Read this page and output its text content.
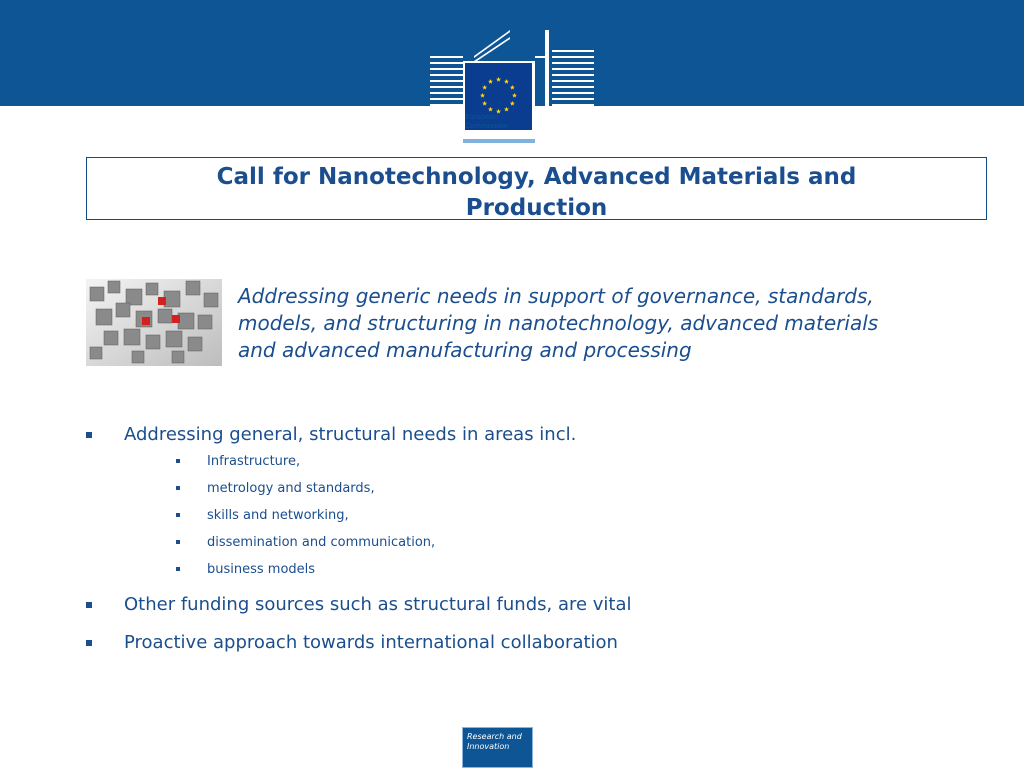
European
Commission
Call for Nanotechnology, Advanced Materials and
Production
Addressing generic needs in support of governance, standards,
models, and structuring in nanotechnology, advanced materials
and advanced manufacturing and processing
Addressing general, structural needs in areas incl.
Infrastructure,
metrology and standards,
skills and networking,
dissemination and communication,
business models
Other funding sources such as structural funds, are vital
Proactive approach towards international collaboration
Research and
Innovation
